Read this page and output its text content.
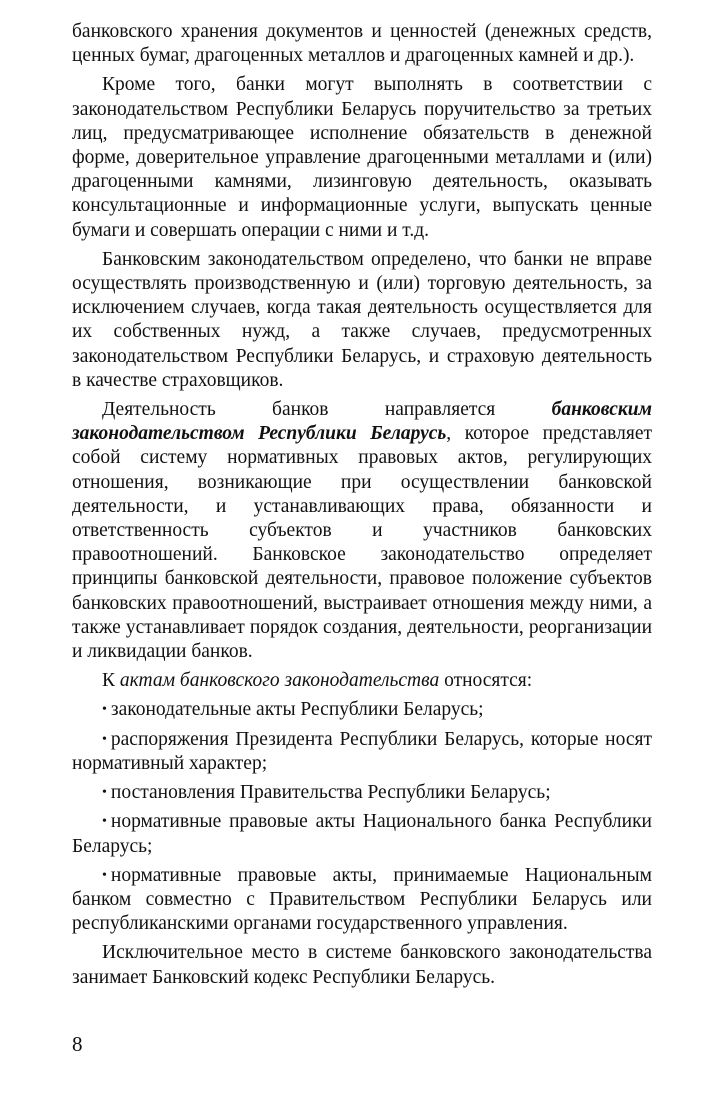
банковского хранения документов и ценностей (денежных средств, ценных бумаг, драгоценных металлов и драгоценных камней и др.).

Кроме того, банки могут выполнять в соответствии с законодательством Республики Беларусь поручительство за третьих лиц, предусматривающее исполнение обязательств в денежной форме, доверительное управление драгоценными металлами и (или) драгоценными камнями, лизинговую деятельность, оказывать консультационные и информационные услуги, выпускать ценные бумаги и совершать операции с ними и т.д.

Банковским законодательством определено, что банки не вправе осуществлять производственную и (или) торговую деятельность, за исключением случаев, когда такая деятельность осуществляется для их собственных нужд, а также случаев, предусмотренных законодательством Республики Беларусь, и страховую деятельность в качестве страховщиков.

Деятельность банков направляется банковским законодательством Республики Беларусь, которое представляет собой систему нормативных правовых актов, регулирующих отношения, возникающие при осуществлении банковской деятельности, и устанавливающих права, обязанности и ответственность субъектов и участников банковских правоотношений. Банковское законодательство определяет принципы банковской деятельности, правовое положение субъектов банковских правоотношений, выстраивает отношения между ними, а также устанавливает порядок создания, деятельности, реорганизации и ликвидации банков.

К актам банковского законодательства относятся:

• законодательные акты Республики Беларусь;

• распоряжения Президента Республики Беларусь, которые носят нормативный характер;

• постановления Правительства Республики Беларусь;

• нормативные правовые акты Национального банка Республики Беларусь;

• нормативные правовые акты, принимаемые Национальным банком совместно с Правительством Республики Беларусь или республиканскими органами государственного управления.

Исключительное место в системе банковского законодательства занимает Банковский кодекс Республики Беларусь.

8
